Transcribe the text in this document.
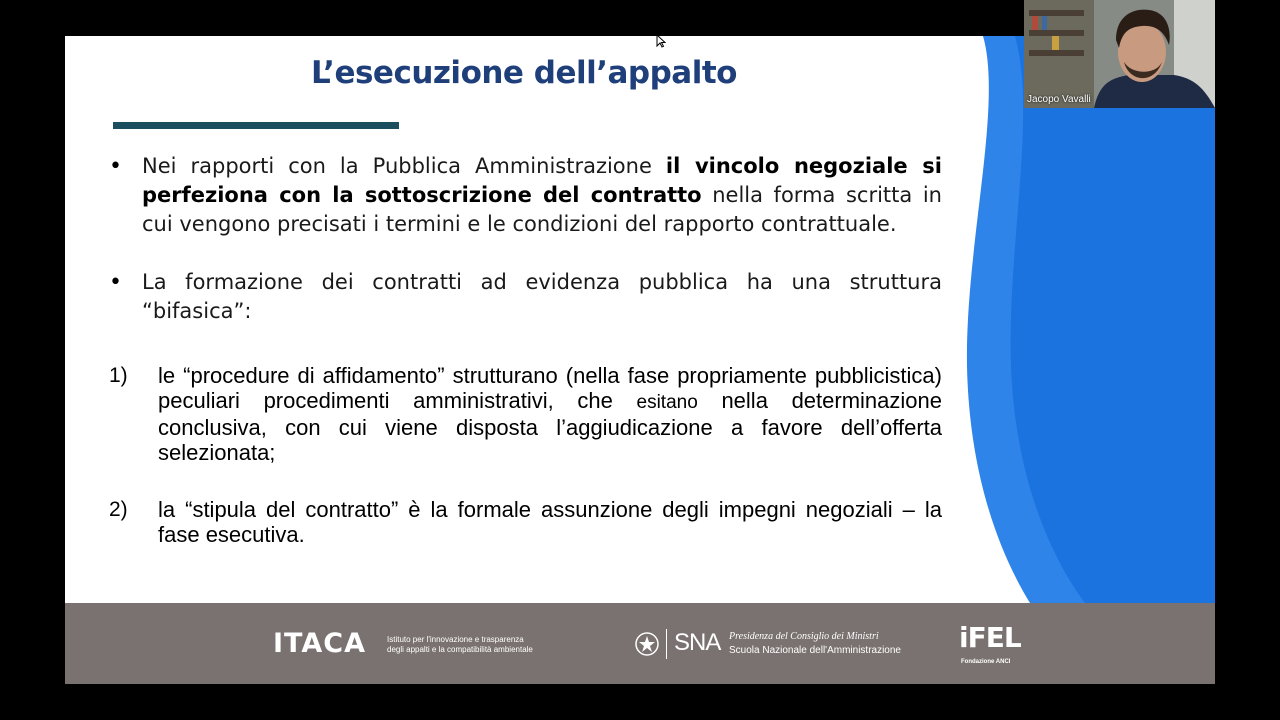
L’esecuzione dell’appalto
• Nei rapporti con la Pubblica Amministrazione il vincolo negoziale si perfeziona con la sottoscrizione del contratto nella forma scritta in cui vengono precisati i termini e le condizioni del rapporto contrattuale.
• La formazione dei contratti ad evidenza pubblica ha una struttura “bifasica”:
1) le “procedure di affidamento” strutturano (nella fase propriamente pubblicistica) peculiari procedimenti amministrativi, che esitano nella determinazione conclusiva, con cui viene disposta l’aggiudicazione a favore dell’offerta selezionata;
2) la “stipula del contratto” è la formale assunzione degli impegni negoziali – la fase esecutiva.
ITACA	Istituto per l'innovazione e trasparenza
degli appalti e la compatibilità ambientale	SNA Presidenza del Consiglio dei Ministri
Scuola Nazionale dell'Amministrazione iFEL
Fondazione ANCI
Jacopo Vavalli
